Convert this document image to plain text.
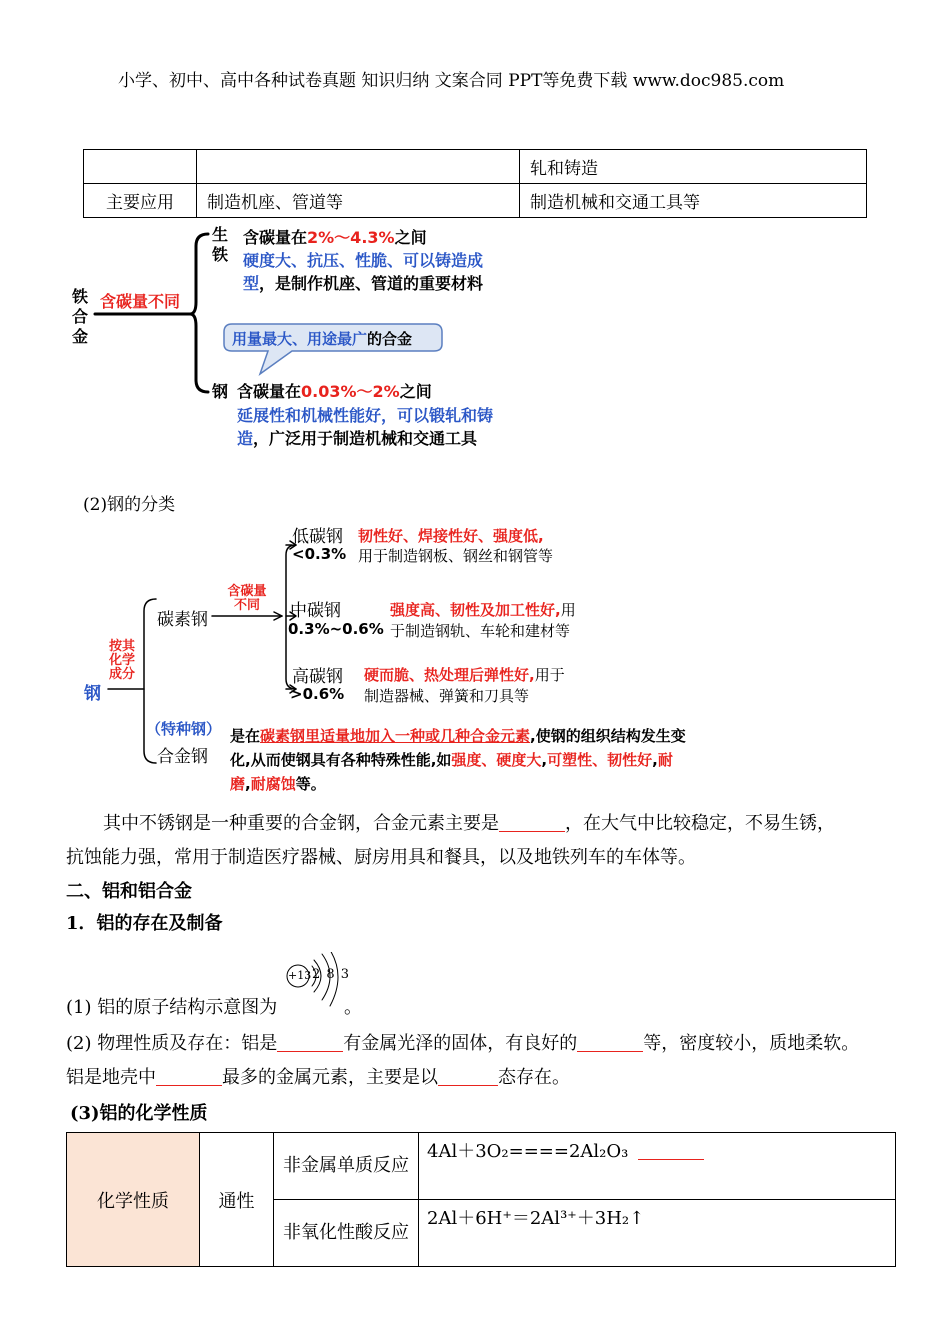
小学、初中、高中各种试卷真题 知识归纳 文案合同 PPT等免费下载 www.doc985.com
		轧和铸造
主要应用	制造机座、管道等	制造机械和交通工具等
铁合金
含碳量不同
生铁
含碳量在2%～4.3%之间
硬度大、抗压、性脆、可以铸造成型，是制作机座、管道的重要材料
用量最大、用途最广的合金
钢 含碳量在0.03%～2%之间
延展性和机械性能好，可以锻轧和铸造，广泛用于制造机械和交通工具
(2)钢的分类
钢
按其化学成分
碳素钢
含碳量不同
低碳钢
<0.3%
韧性好、焊接性好、强度低,
用于制造钢板、钢丝和钢管等
中碳钢
0.3%~0.6%
强度高、韧性及加工性好,用
于制造钢轨、车轮和建材等
高碳钢
>0.6%
硬而脆、热处理后弹性好,用于
制造器械、弹簧和刀具等
（特种钢）
合金钢
是在碳素钢里适量地加入一种或几种合金元素,使钢的组织结构发生变化,从而使钢具有各种特殊性能,如强度、硬度大,可塑性、韧性好,耐磨,耐腐蚀等。
其中不锈钢是一种重要的合金钢，合金元素主要是	，在大气中比较稳定，不易生锈，
抗蚀能力强，常用于制造医疗器械、厨房用具和餐具，以及地铁列车的车体等。
二、铝和铝合金
1．铝的存在及制备
+13 2 8 3
(1) 铝的原子结构示意图为	。
(2) 物理性质及存在：铝是	有金属光泽的固体，有良好的	等，密度较小，质地柔软。
铝是地壳中	最多的金属元素，主要是以	态存在。
(3)铝的化学性质
化学性质	通性	非金属单质反应	4Al＋3O₂====2Al₂O₃
		非氧化性酸反应	2Al＋6H⁺＝2Al³⁺＋3H₂↑
